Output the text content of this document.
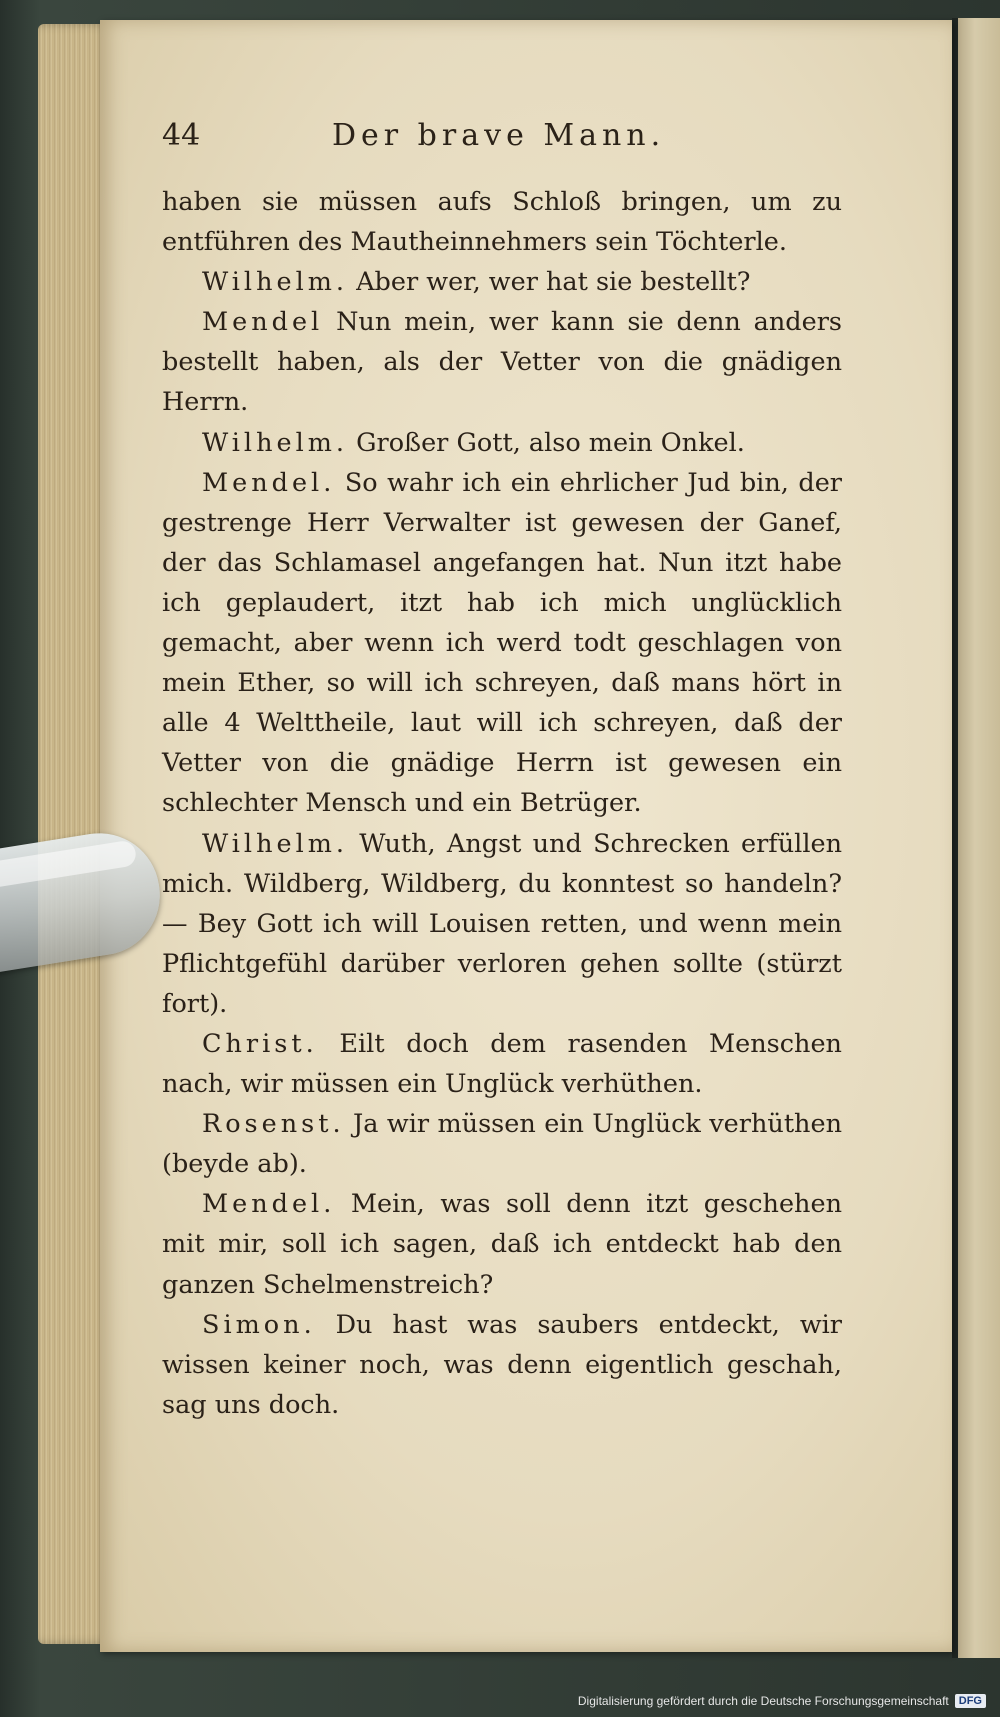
44	Der brave Mann.

haben sie müssen aufs Schloß bringen, um zu entführen des Mautheinnehmers sein Töchterle.

Wilhelm. Aber wer, wer hat sie bestellt?

Mendel Nun mein, wer kann sie denn anders bestellt haben, als der Vetter von die gnädigen Herrn.

Wilhelm. Großer Gott, also mein Onkel.

Mendel. So wahr ich ein ehrlicher Jud bin, der gestrenge Herr Verwalter ist gewesen der Ganef, der das Schlamasel angefangen hat. Nun itzt habe ich geplaudert, itzt hab ich mich unglücklich gemacht, aber wenn ich werd todt geschlagen von mein Ether, so will ich schreyen, daß mans hört in alle 4 Welttheile, laut will ich schreyen, daß der Vetter von die gnädige Herrn ist gewesen ein schlechter Mensch und ein Betrüger.

Wilhelm. Wuth, Angst und Schrecken erfüllen mich. Wildberg, Wildberg, du konntest so handeln? — Bey Gott ich will Louisen retten, und wenn mein Pflichtgefühl darüber verloren gehen sollte (stürzt fort).

Christ. Eilt doch dem rasenden Menschen nach, wir müssen ein Unglück verhüthen.

Rosenst. Ja wir müssen ein Unglück verhüthen (beyde ab).

Mendel. Mein, was soll denn itzt geschehen mit mir, soll ich sagen, daß ich entdeckt hab den ganzen Schelmenstreich?

Simon. Du hast was saubers entdeckt, wir wissen keiner noch, was denn eigentlich geschah, sag uns doch.

Digitalisierung gefördert durch die Deutsche Forschungsgemeinschaft DFG
